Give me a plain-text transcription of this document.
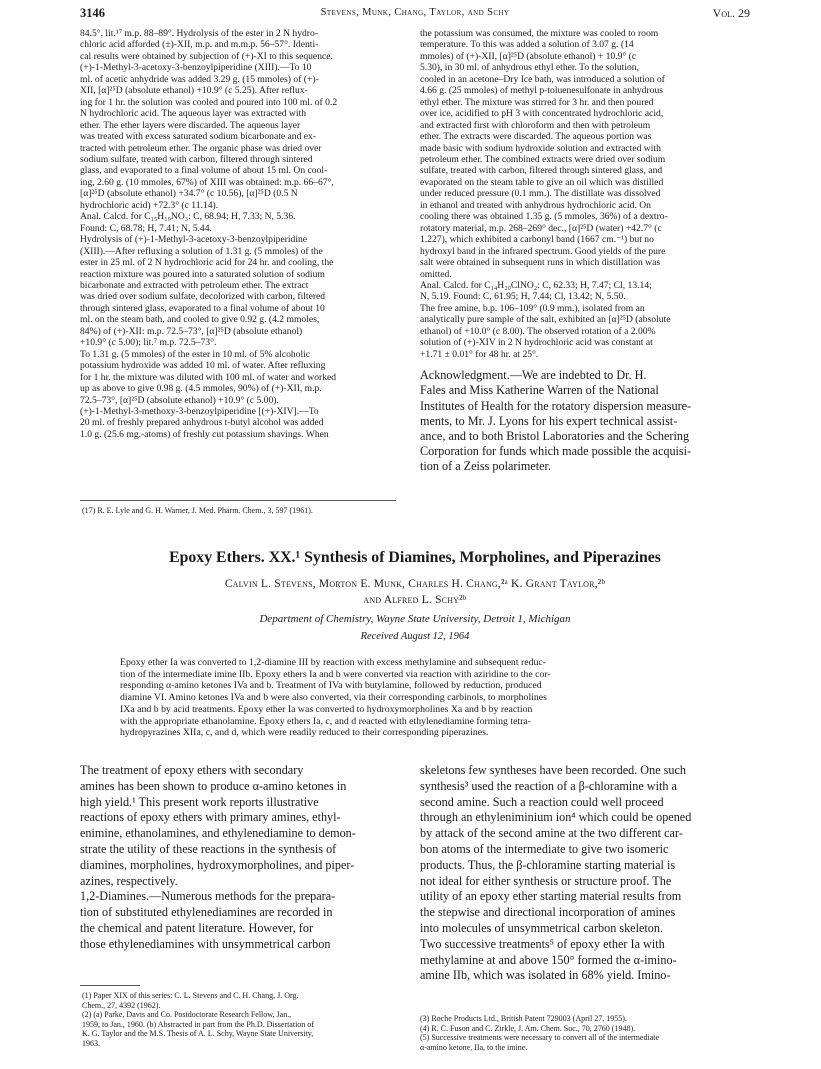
3146	Stevens, Munk, Chang, Taylor, and Schy	Vol. 29
84.5°, lit.¹⁷ m.p. 88–89°. Hydrolysis of the ester in 2 N hydro-
chloric acid afforded (±)-XII, m.p. and m.m.p. 56–57°. Identi-
cal results were obtained by subjection of (+)-XI to this sequence.
(+)-1-Methyl-3-acetoxy-3-benzoylpiperidine (XIII).—To 10
ml. of acetic anhydride was added 3.29 g. (15 mmoles) of (+)-
XII, [α]²⁵D (absolute ethanol) +10.9° (c 5.25). After reflux-
ing for 1 hr. the solution was cooled and poured into 100 ml. of 0.2
N hydrochloric acid. The aqueous layer was extracted with
ether. The ether layers were discarded. The aqueous layer
was treated with excess saturated sodium bicarbonate and ex-
tracted with petroleum ether. The organic phase was dried over
sodium sulfate, treated with carbon, filtered through sintered
glass, and evaporated to a final volume of about 15 ml. On cool-
ing, 2.60 g. (10 mmoles, 67%) of XIII was obtained: m.p. 66–67°,
[α]²⁵D (absolute ethanol) +34.7° (c 10.56), [α]²⁵D (0.5 N
hydrochloric acid) +72.3° (c 11.14).
Anal. Calcd. for C₁₅H₁₉NO₃: C, 68.94; H, 7.33; N, 5.36.
Found: C, 68.78; H, 7.41; N, 5.44.
Hydrolysis of (+)-1-Methyl-3-acetoxy-3-benzoylpiperidine
(XIII).—After refluxing a solution of 1.31 g. (5 mmoles) of the
ester in 25 ml. of 2 N hydrochloric acid for 24 hr. and cooling, the
reaction mixture was poured into a saturated solution of sodium
bicarbonate and extracted with petroleum ether. The extract
was dried over sodium sulfate, decolorized with carbon, filtered
through sintered glass, evaporated to a final volume of about 10
ml. on the steam bath, and cooled to give 0.92 g. (4.2 mmoles,
84%) of (+)-XII: m.p. 72.5–73°, [α]²⁵D (absolute ethanol)
+10.9° (c 5.00); lit.⁷ m.p. 72.5–73°.
To 1.31 g. (5 mmoles) of the ester in 10 ml. of 5% alcoholic
potassium hydroxide was added 10 ml. of water. After refluxing
for 1 hr. the mixture was diluted with 100 ml. of water and worked
up as above to give 0.98 g. (4.5 mmoles, 90%) of (+)-XII, m.p.
72.5–73°, [α]²⁵D (absolute ethanol) +10.9° (c 5.00).
(+)-1-Methyl-3-methoxy-3-benzoylpiperidine [(+)-XIV].—To
20 ml. of freshly prepared anhydrous t-butyl alcohol was added
1.0 g. (25.6 mg.-atoms) of freshly cut potassium shavings. When
the potassium was consumed, the mixture was cooled to room
temperature. To this was added a solution of 3.07 g. (14
mmoles) of (+)-XII, [α]²⁵D (absolute ethanol) + 10.9° (c
5.30), in 30 ml. of anhydrous ethyl ether. To the solution,
cooled in an acetone–Dry Ice bath, was introduced a solution of
4.66 g. (25 mmoles) of methyl p-toluenesulfonate in anhydrous
ethyl ether. The mixture was stirred for 3 hr. and then poured
over ice, acidified to pH 3 with concentrated hydrochloric acid,
and extracted first with chloroform and then with petroleum
ether. The extracts were discarded. The aqueous portion was
made basic with sodium hydroxide solution and extracted with
petroleum ether. The combined extracts were dried over sodium
sulfate, treated with carbon, filtered through sintered glass, and
evaporated on the steam table to give an oil which was distilled
under reduced pressure (0.1 mm.). The distillate was dissolved
in ethanol and treated with anhydrous hydrochloric acid. On
cooling there was obtained 1.35 g. (5 mmoles, 36%) of a dextro-
rotatory material, m.p. 268–269° dec., [α]²⁵D (water) +42.7° (c
1.227), which exhibited a carbonyl band (1667 cm.⁻¹) but no
hydroxyl band in the infrared spectrum. Good yields of the pure
salt were obtained in subsequent runs in which distillation was
omitted.
Anal. Calcd. for C₁₄H₂₀ClNO₂: C, 62.33; H, 7.47; Cl, 13.14;
N, 5.19. Found: C, 61.95; H, 7.44; Cl, 13.42; N, 5.50.
The free amine, b.p. 106–109° (0.9 mm.), isolated from an
analytically pure sample of the salt, exhibited an [α]²⁵D (absolute
ethanol) of +10.0° (c 8.00). The observed rotation of a 2.00%
solution of (+)-XIV in 2 N hydrochloric acid was constant at
+1.71 ± 0.01° for 48 hr. at 25°.
Acknowledgment.—We are indebted to Dr. H.
Fales and Miss Katherine Warren of the National
Institutes of Health for the rotatory dispersion measure-
ments, to Mr. J. Lyons for his expert technical assist-
ance, and to both Bristol Laboratories and the Schering
Corporation for funds which made possible the acquisi-
tion of a Zeiss polarimeter.
(17) R. E. Lyle and G. H. Warner, J. Med. Pharm. Chem., 3, 597 (1961).
Epoxy Ethers. XX.¹ Synthesis of Diamines, Morpholines, and Piperazines
Calvin L. Stevens, Morton E. Munk, Charles H. Chang,²ᵃ K. Grant Taylor,²ᵇ
and Alfred L. Schy²ᵇ
Department of Chemistry, Wayne State University, Detroit 1, Michigan
Received August 12, 1964
Epoxy ether Ia was converted to 1,2-diamine III by reaction with excess methylamine and subsequent reduc-
tion of the intermediate imine IIb. Epoxy ethers Ia and b were converted via reaction with aziridine to the cor-
responding α-amino ketones IVa and b. Treatment of IVa with butylamine, followed by reduction, produced
diamine VI. Amino ketones IVa and b were also converted, via their corresponding carbinols, to morpholines
IXa and b by acid treatments. Epoxy ether Ia was converted to hydroxymorpholines Xa and b by reaction
with the appropriate ethanolamine. Epoxy ethers Ia, c, and d reacted with ethylenediamine forming tetra-
hydropyrazines XIIa, c, and d, which were readily reduced to their corresponding piperazines.
The treatment of epoxy ethers with secondary
amines has been shown to produce α-amino ketones in
high yield.¹ This present work reports illustrative
reactions of epoxy ethers with primary amines, ethyl-
enimine, ethanolamines, and ethylenediamine to demon-
strate the utility of these reactions in the synthesis of
diamines, morpholines, hydroxymorpholines, and piper-
azines, respectively.
1,2-Diamines.—Numerous methods for the prepara-
tion of substituted ethylenediamines are recorded in
the chemical and patent literature. However, for
those ethylenediamines with unsymmetrical carbon
skeletons few syntheses have been recorded. One such
synthesis³ used the reaction of a β-chloramine with a
second amine. Such a reaction could well proceed
through an ethyleniminium ion⁴ which could be opened
by attack of the second amine at the two different car-
bon atoms of the intermediate to give two isomeric
products. Thus, the β-chloramine starting material is
not ideal for either synthesis or structure proof. The
utility of an epoxy ether starting material results from
the stepwise and directional incorporation of amines
into molecules of unsymmetrical carbon skeleton.
Two successive treatments⁵ of epoxy ether Ia with
methylamine at and above 150° formed the α-imino-
amine IIb, which was isolated in 68% yield. Imino-
(1) Paper XIX of this series: C. L. Stevens and C. H. Chang, J. Org.
Chem., 27, 4392 (1962).
(2) (a) Parke, Davis and Co. Postdoctorate Research Fellow, Jan.,
1959, to Jan., 1960. (b) Abstracted in part from the Ph.D. Dissertation of
K. G. Taylor and the M.S. Thesis of A. L. Schy, Wayne State University,
1963.
(3) Roche Products Ltd., British Patent 729003 (April 27, 1955).
(4) R. C. Fuson and C. Zirkle, J. Am. Chem. Soc., 70, 2760 (1948).
(5) Successive treatments were necessary to convert all of the intermediate
α-amino ketone, IIa, to the imine.
